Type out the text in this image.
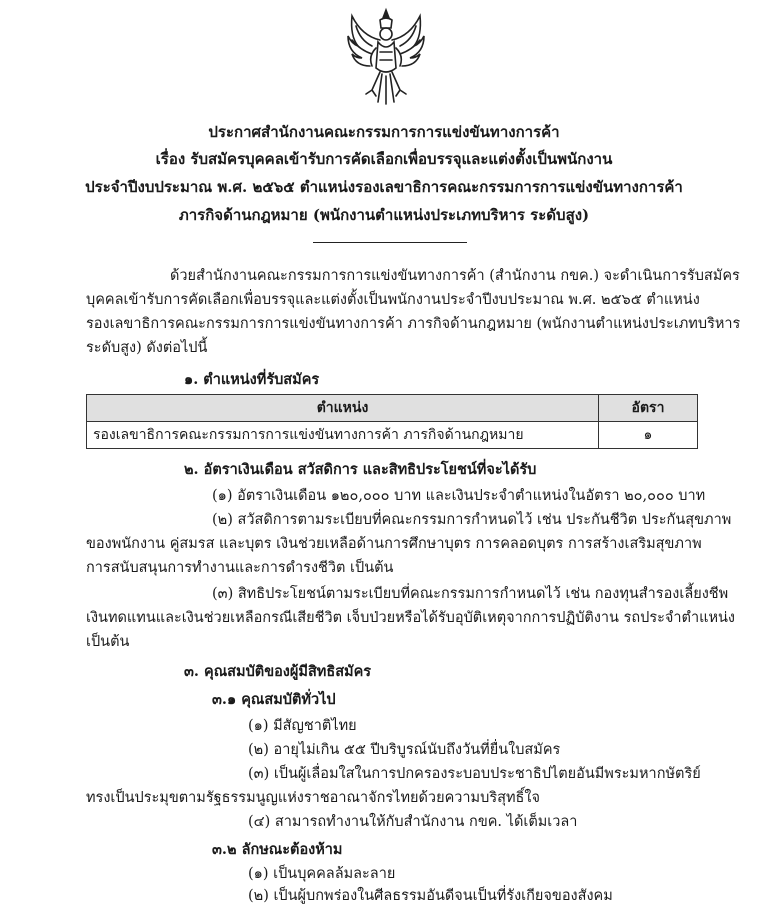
ประกาศสำนักงานคณะกรรมการการแข่งขันทางการค้า
เรื่อง รับสมัครบุคคลเข้ารับการคัดเลือกเพื่อบรรจุและแต่งตั้งเป็นพนักงาน
ประจำปีงบประมาณ พ.ศ. ๒๕๖๕ ตำแหน่งรองเลขาธิการคณะกรรมการการแข่งขันทางการค้า
ภารกิจด้านกฎหมาย (พนักงานตำแหน่งประเภทบริหาร ระดับสูง)
ด้วยสำนักงานคณะกรรมการการแข่งขันทางการค้า (สำนักงาน กขค.) จะดำเนินการรับสมัคร
บุคคลเข้ารับการคัดเลือกเพื่อบรรจุและแต่งตั้งเป็นพนักงานประจำปีงบประมาณ พ.ศ. ๒๕๖๕ ตำแหน่ง
รองเลขาธิการคณะกรรมการการแข่งขันทางการค้า ภารกิจด้านกฎหมาย (พนักงานตำแหน่งประเภทบริหาร
ระดับสูง) ดังต่อไปนี้
๑. ตำแหน่งที่รับสมัคร
ตำแหน่ง	อัตรา
รองเลขาธิการคณะกรรมการการแข่งขันทางการค้า ภารกิจด้านกฎหมาย	๑
๒. อัตราเงินเดือน สวัสดิการ และสิทธิประโยชน์ที่จะได้รับ
(๑) อัตราเงินเดือน ๑๒๐,๐๐๐ บาท และเงินประจำตำแหน่งในอัตรา ๒๐,๐๐๐ บาท
(๒) สวัสดิการตามระเบียบที่คณะกรรมการกำหนดไว้ เช่น ประกันชีวิต ประกันสุขภาพ
ของพนักงาน คู่สมรส และบุตร เงินช่วยเหลือด้านการศึกษาบุตร การคลอดบุตร การสร้างเสริมสุขภาพ
การสนับสนุนการทำงานและการดำรงชีวิต เป็นต้น
(๓) สิทธิประโยชน์ตามระเบียบที่คณะกรรมการกำหนดไว้ เช่น กองทุนสำรองเลี้ยงชีพ
เงินทดแทนและเงินช่วยเหลือกรณีเสียชีวิต เจ็บป่วยหรือได้รับอุบัติเหตุจากการปฏิบัติงาน รถประจำตำแหน่ง
เป็นต้น
๓. คุณสมบัติของผู้มีสิทธิสมัคร
๓.๑ คุณสมบัติทั่วไป
(๑) มีสัญชาติไทย
(๒) อายุไม่เกิน ๕๕ ปีบริบูรณ์นับถึงวันที่ยื่นใบสมัคร
(๓) เป็นผู้เลื่อมใสในการปกครองระบอบประชาธิปไตยอันมีพระมหากษัตริย์
ทรงเป็นประมุขตามรัฐธรรมนูญแห่งราชอาณาจักรไทยด้วยความบริสุทธิ์ใจ
(๔) สามารถทำงานให้กับสำนักงาน กขค. ได้เต็มเวลา
๓.๒ ลักษณะต้องห้าม
(๑) เป็นบุคคลล้มละลาย
(๒) เป็นผู้บกพร่องในศีลธรรมอันดีจนเป็นที่รังเกียจของสังคม
